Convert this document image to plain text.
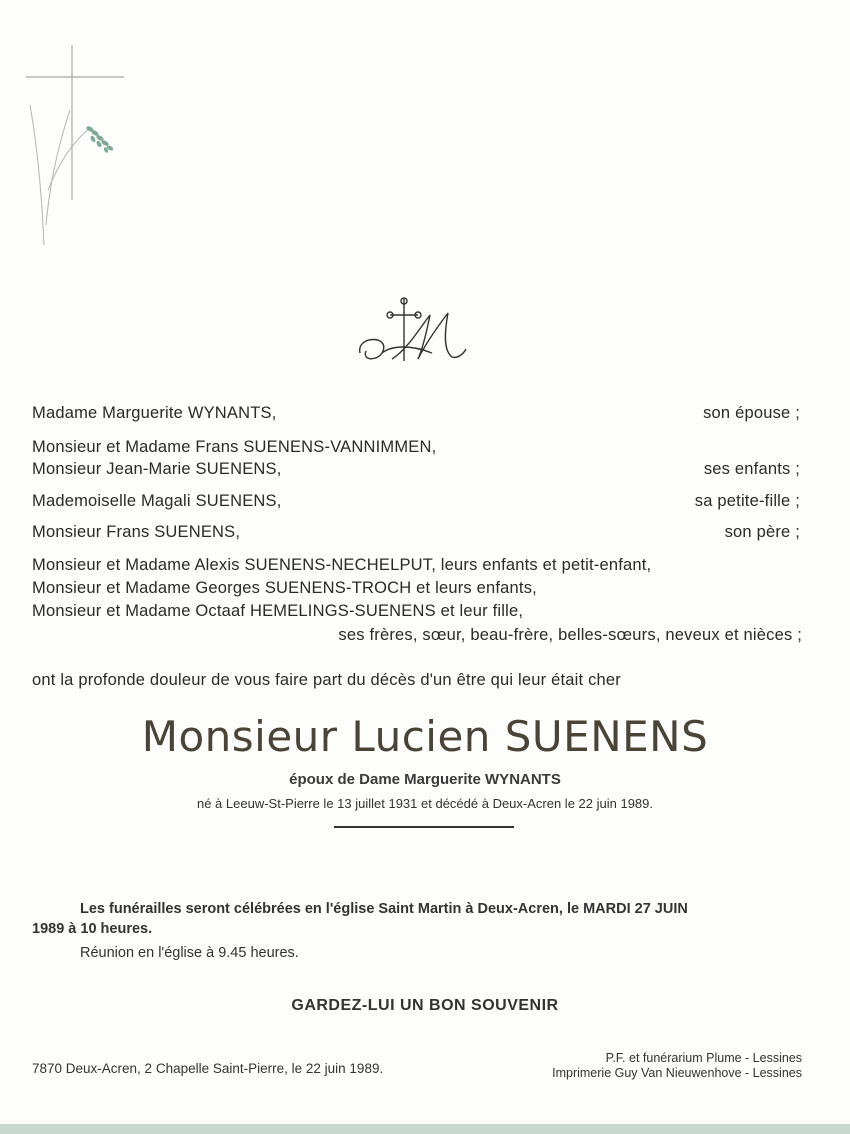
Madame Marguerite WYNANTS,	son épouse ;
Monsieur et Madame Frans SUENENS-VANNIMMEN,
Monsieur Jean-Marie SUENENS,	ses enfants ;
Mademoiselle Magali SUENENS,	sa petite-fille ;
Monsieur Frans SUENENS,	son père ;
Monsieur et Madame Alexis SUENENS-NECHELPUT, leurs enfants et petit-enfant,
Monsieur et Madame Georges SUENENS-TROCH et leurs enfants,
Monsieur et Madame Octaaf HEMELINGS-SUENENS et leur fille,
ses frères, sœur, beau-frère, belles-sœurs, neveux et nièces ;
ont la profonde douleur de vous faire part du décès d'un être qui leur était cher
Monsieur Lucien SUENENS
époux de Dame Marguerite WYNANTS
né à Leeuw-St-Pierre le 13 juillet 1931 et décédé à Deux-Acren le 22 juin 1989.
Les funérailles seront célébrées en l'église Saint Martin à Deux-Acren, le MARDI 27 JUIN
1989 à 10 heures.
Réunion en l'église à 9.45 heures.
GARDEZ-LUI UN BON SOUVENIR
7870 Deux-Acren, 2 Chapelle Saint-Pierre, le 22 juin 1989.
P.F. et funérarium Plume - Lessines
Imprimerie Guy Van Nieuwenhove - Lessines
